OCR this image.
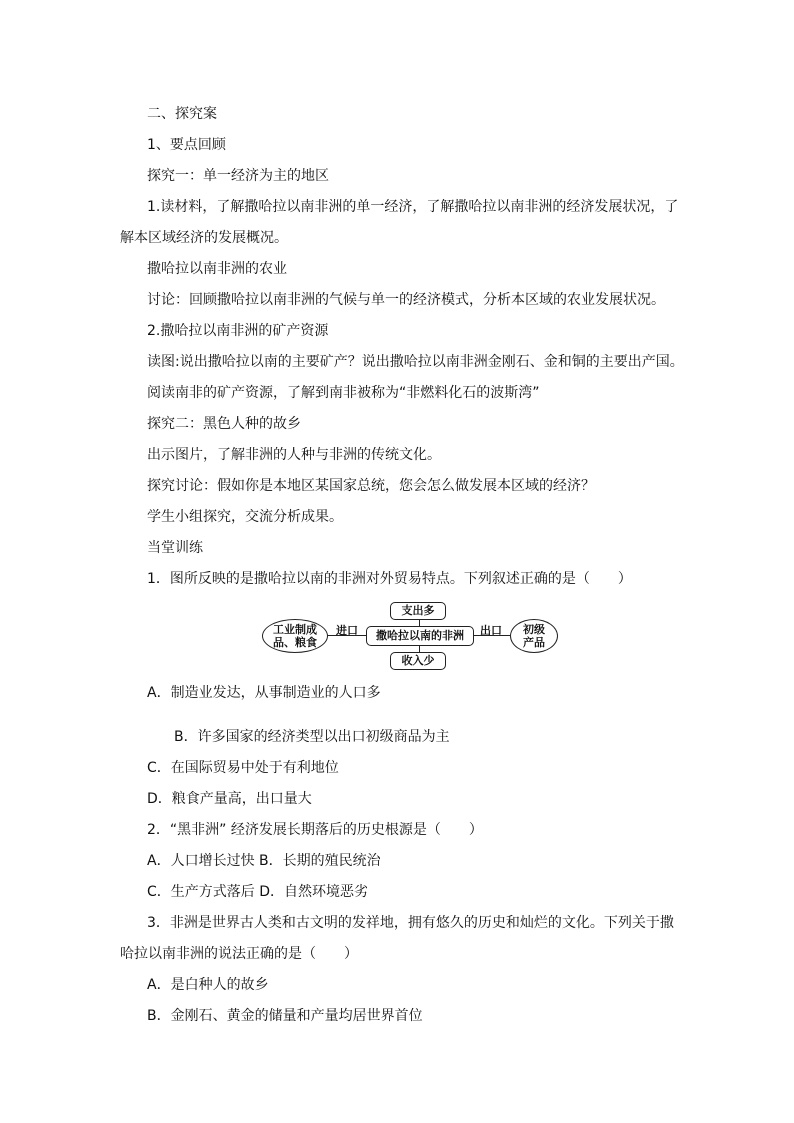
二、探究案
1、要点回顾
探究一：单一经济为主的地区
1.读材料，了解撒哈拉以南非洲的单一经济，了解撒哈拉以南非洲的经济发展状况，了
解本区域经济的发展概况。
撒哈拉以南非洲的农业
讨论：回顾撒哈拉以南非洲的气候与单一的经济模式，分析本区域的农业发展状况。
2.撒哈拉以南非洲的矿产资源
读图:说出撒哈拉以南的主要矿产？说出撒哈拉以南非洲金刚石、金和铜的主要出产国。
阅读南非的矿产资源，了解到南非被称为“非燃料化石的波斯湾”
探究二：黑色人种的故乡
出示图片，了解非洲的人种与非洲的传统文化。
探究讨论：假如你是本地区某国家总统，您会怎么做发展本区域的经济？
学生小组探究，交流分析成果。
当堂训练
1．图所反映的是撒哈拉以南的非洲对外贸易特点。下列叙述正确的是（　　）
A．制造业发达，从事制造业的人口多
B．许多国家的经济类型以出口初级商品为主
C．在国际贸易中处于有利地位
D．粮食产量高，出口量大
2．“黑非洲” 经济发展长期落后的历史根源是（　　）
A．人口增长过快 B．长期的殖民统治
C．生产方式落后 D．自然环境恶劣
3．非洲是世界古人类和古文明的发祥地，拥有悠久的历史和灿烂的文化。下列关于撒
哈拉以南非洲的说法正确的是（　　）
A．是白种人的故乡
B．金刚石、黄金的储量和产量均居世界首位
工业制成
品、粮食
进口	撒哈拉以南的非洲
支出多
收入少
出口 初级
产品
